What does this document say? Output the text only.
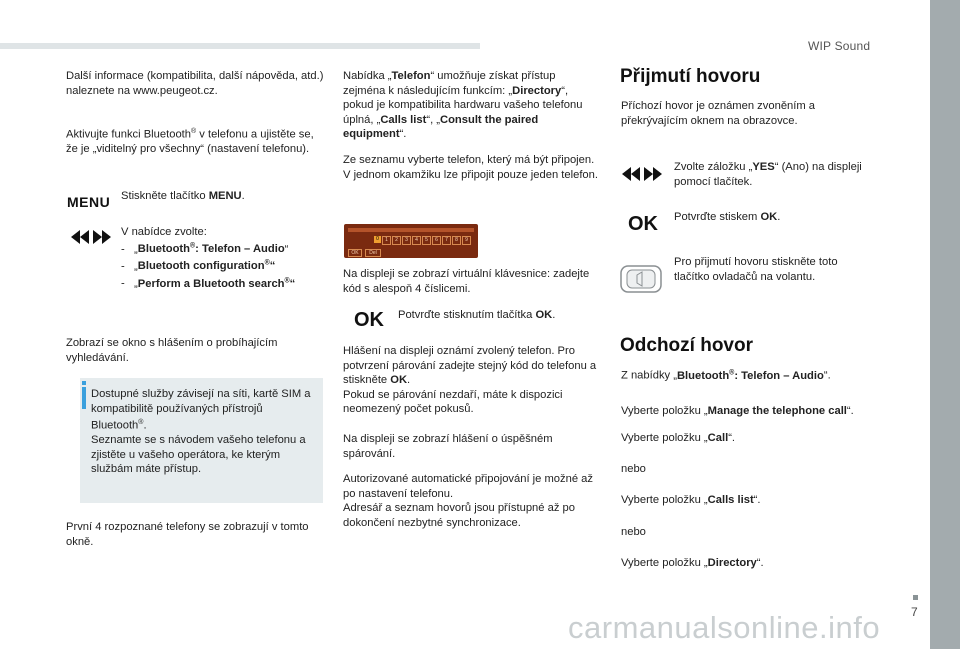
WIP Sound
7
carmanualsonline.info
Další informace (kompatibilita, další nápověda, atd.) naleznete na www.peugeot.cz.
Aktivujte funkci Bluetooth® v telefonu a ujistěte se, že je „viditelný pro všechny“ (nastavení telefonu).
MENU Stiskněte tlačítko MENU.
V nabídce zvolte:
-   „Bluetooth®: Telefon – Audio“
-   „Bluetooth configuration®“
-   „Perform a Bluetooth search®“
Zobrazí se okno s hlášením o probíhajícím vyhledávání.
Dostupné služby závisejí na síti, kartě SIM a kompatibilitě používaných přístrojů Bluetooth®.
Seznamte se s návodem vašeho telefonu a zjistěte u vašeho operátora, ke kterým službám máte přístup.
První 4 rozpoznané telefony se zobrazují v tomto okně.
Nabídka „Telefon“ umožňuje získat přístup zejména k následujícím funkcím: „Directory“, pokud je kompatibilita hardwaru vašeho telefonu úplná, „Calls list“, „Consult the paired equipment“.
Ze seznamu vyberte telefon, který má být připojen. V jednom okamžiku lze připojit pouze jeden telefon.
0	1	2	3	4	5	6	7	8	9
OK	Del
Na displeji se zobrazí virtuální klávesnice: zadejte kód s alespoň 4 číslicemi.
OK Potvrďte stisknutím tlačítka OK.
Hlášení na displeji oznámí zvolený telefon. Pro potvrzení párování zadejte stejný kód do telefonu a stiskněte OK.
Pokud se párování nezdaří, máte k dispozici neomezený počet pokusů.
Na displeji se zobrazí hlášení o úspěšném spárování.
Autorizované automatické připojování je možné až po nastavení telefonu.
Adresář a seznam hovorů jsou přístupné až po dokončení nezbytné synchronizace.
Přijmutí hovoru
Příchozí hovor je oznámen zvoněním a překrývajícím oknem na obrazovce.
Zvolte záložku „YES“ (Ano) na displeji pomocí tlačítek.
OK Potvrďte stiskem OK.
Pro přijmutí hovoru stiskněte toto tlačítko ovladačů na volantu.
Odchozí hovor
Z nabídky „Bluetooth®: Telefon – Audio“.
Vyberte položku „Manage the telephone call“.
Vyberte položku „Call“.
nebo
Vyberte položku „Calls list“.
nebo
Vyberte položku „Directory“.
